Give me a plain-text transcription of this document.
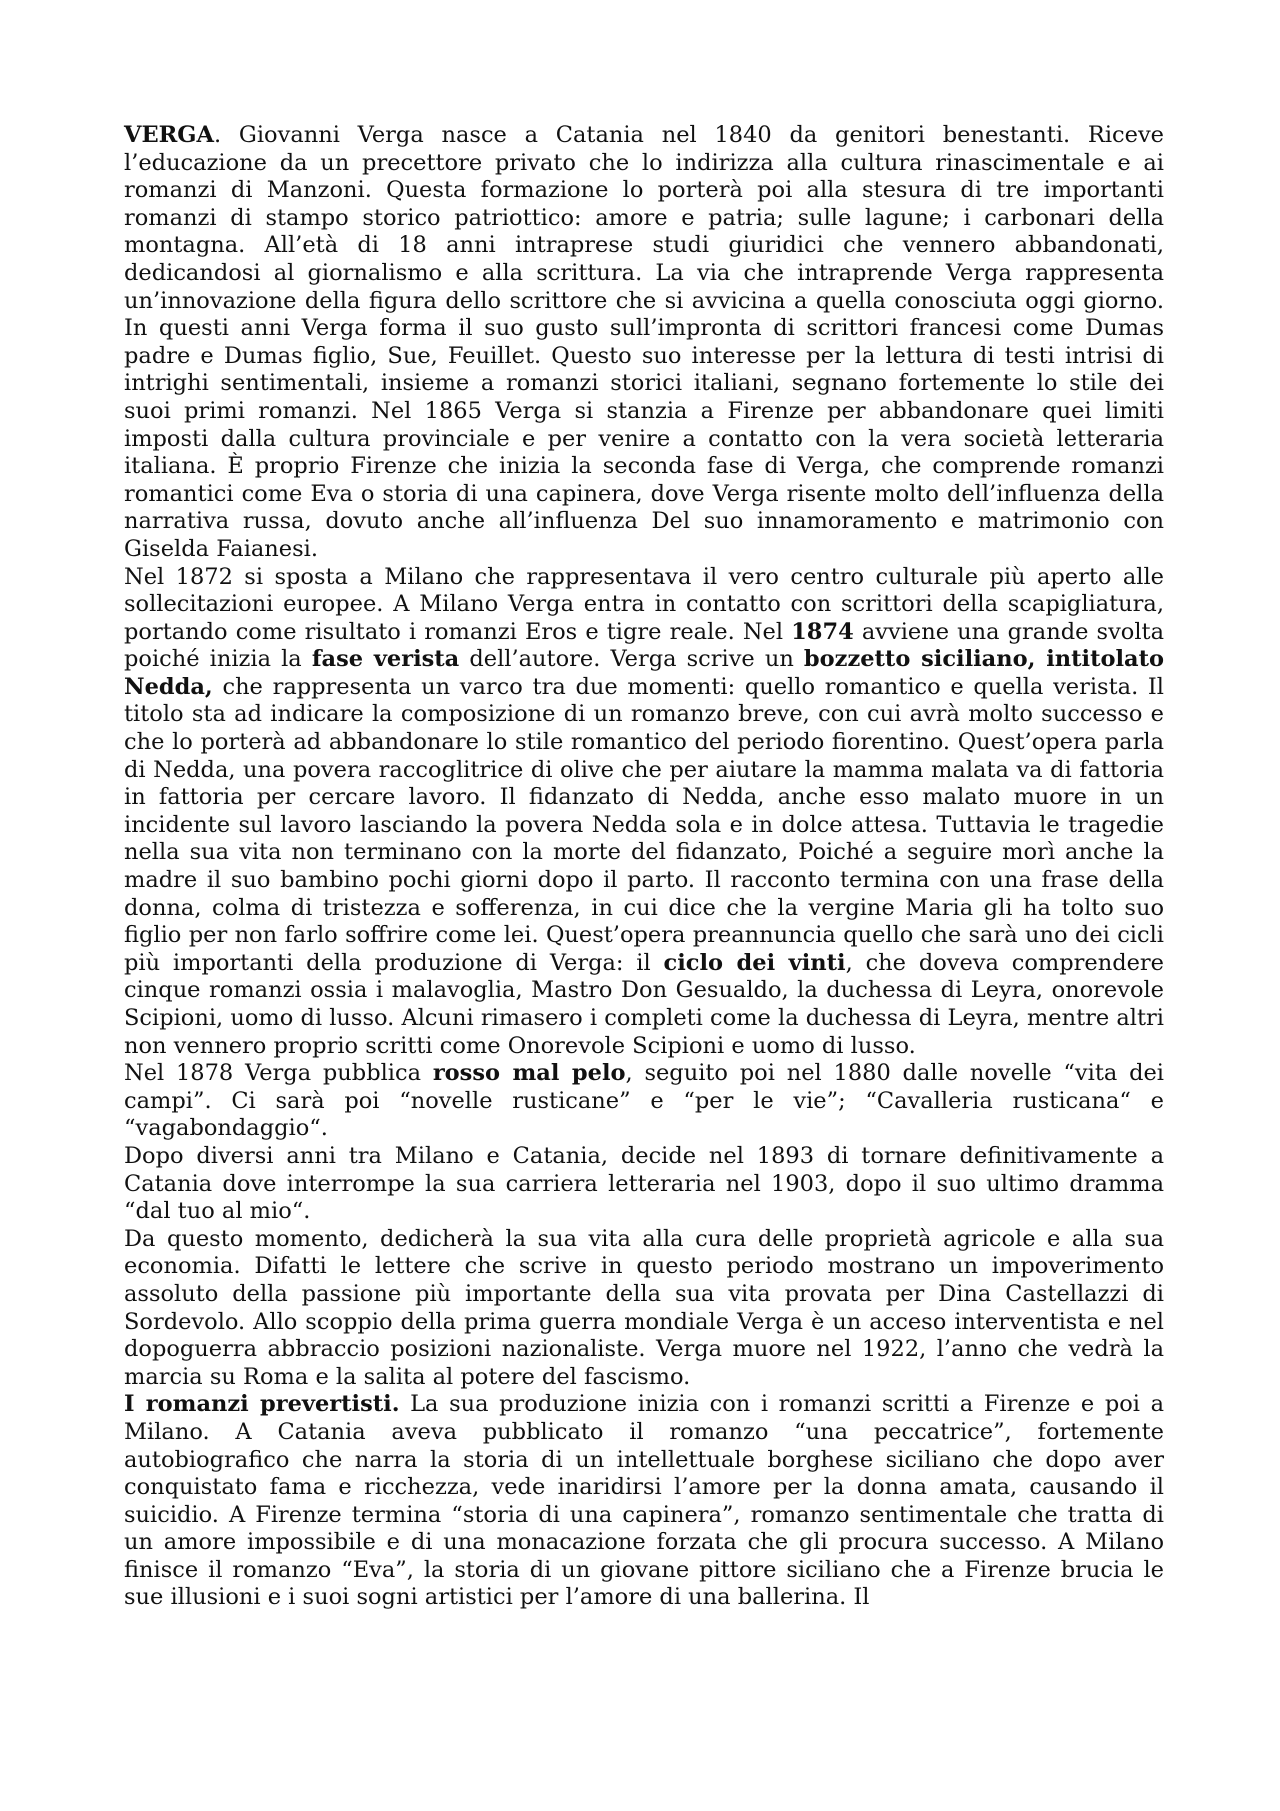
VERGA. Giovanni Verga nasce a Catania nel 1840 da genitori benestanti. Riceve l’educazione da un precettore privato che lo indirizza alla cultura rinascimentale e ai romanzi di Manzoni. Questa formazione lo porterà poi alla stesura di tre importanti romanzi di stampo storico patriottico: amore e patria; sulle lagune; i carbonari della montagna. All’età di 18 anni intraprese studi giuridici che vennero abbandonati, dedicandosi al giornalismo e alla scrittura. La via che intraprende Verga rappresenta un’innovazione della figura dello scrittore che si avvicina a quella conosciuta oggi giorno. In questi anni Verga forma il suo gusto sull’impronta di scrittori francesi come Dumas padre e Dumas figlio, Sue, Feuillet. Questo suo interesse per la lettura di testi intrisi di intrighi sentimentali, insieme a romanzi storici italiani, segnano fortemente lo stile dei suoi primi romanzi. Nel 1865 Verga si stanzia a Firenze per abbandonare quei limiti imposti dalla cultura provinciale e per venire a contatto con la vera società letteraria italiana. È proprio Firenze che inizia la seconda fase di Verga, che comprende romanzi romantici come Eva o storia di una capinera, dove Verga risente molto dell’influenza della narrativa russa, dovuto anche all’influenza Del suo innamoramento e matrimonio con Giselda Faianesi.

Nel 1872 si sposta a Milano che rappresentava il vero centro culturale più aperto alle sollecitazioni europee. A Milano Verga entra in contatto con scrittori della scapigliatura, portando come risultato i romanzi Eros e tigre reale. Nel 1874 avviene una grande svolta poiché inizia la fase verista dell’autore. Verga scrive un bozzetto siciliano, intitolato Nedda, che rappresenta un varco tra due momenti: quello romantico e quella verista. Il titolo sta ad indicare la composizione di un romanzo breve, con cui avrà molto successo e che lo porterà ad abbandonare lo stile romantico del periodo fiorentino. Quest’opera parla di Nedda, una povera raccoglitrice di olive che per aiutare la mamma malata va di fattoria in fattoria per cercare lavoro. Il fidanzato di Nedda, anche esso malato muore in un incidente sul lavoro lasciando la povera Nedda sola e in dolce attesa. Tuttavia le tragedie nella sua vita non terminano con la morte del fidanzato, Poiché a seguire morì anche la madre il suo bambino pochi giorni dopo il parto. Il racconto termina con una frase della donna, colma di tristezza e sofferenza, in cui dice che la vergine Maria gli ha tolto suo figlio per non farlo soffrire come lei. Quest’opera preannuncia quello che sarà uno dei cicli più importanti della produzione di Verga: il ciclo dei vinti, che doveva comprendere cinque romanzi ossia i malavoglia, Mastro Don Gesualdo, la duchessa di Leyra, onorevole Scipioni, uomo di lusso. Alcuni rimasero i completi come la duchessa di Leyra, mentre altri non vennero proprio scritti come Onorevole Scipioni e uomo di lusso.

Nel 1878 Verga pubblica rosso mal pelo, seguito poi nel 1880 dalle novelle “vita dei campi”. Ci sarà poi “novelle rusticane” e “per le vie”; “Cavalleria rusticana“ e “vagabondaggio“.

Dopo diversi anni tra Milano e Catania, decide nel 1893 di tornare definitivamente a Catania dove interrompe la sua carriera letteraria nel 1903, dopo il suo ultimo dramma “dal tuo al mio“.

Da questo momento, dedicherà la sua vita alla cura delle proprietà agricole e alla sua economia. Difatti le lettere che scrive in questo periodo mostrano un impoverimento assoluto della passione più importante della sua vita provata per Dina Castellazzi di Sordevolo. Allo scoppio della prima guerra mondiale Verga è un acceso interventista e nel dopoguerra abbraccio posizioni nazionaliste. Verga muore nel 1922, l’anno che vedrà la marcia su Roma e la salita al potere del fascismo.

I romanzi prevertisti. La sua produzione inizia con i romanzi scritti a Firenze e poi a Milano. A Catania aveva pubblicato il romanzo “una peccatrice”, fortemente autobiografico che narra la storia di un intellettuale borghese siciliano che dopo aver conquistato fama e ricchezza, vede inaridirsi l’amore per la donna amata, causando il suicidio. A Firenze termina “storia di una capinera”, romanzo sentimentale che tratta di un amore impossibile e di una monacazione forzata che gli procura successo. A Milano finisce il romanzo “Eva”, la storia di un giovane pittore siciliano che a Firenze brucia le sue illusioni e i suoi sogni artistici per l’amore di una ballerina. Il
